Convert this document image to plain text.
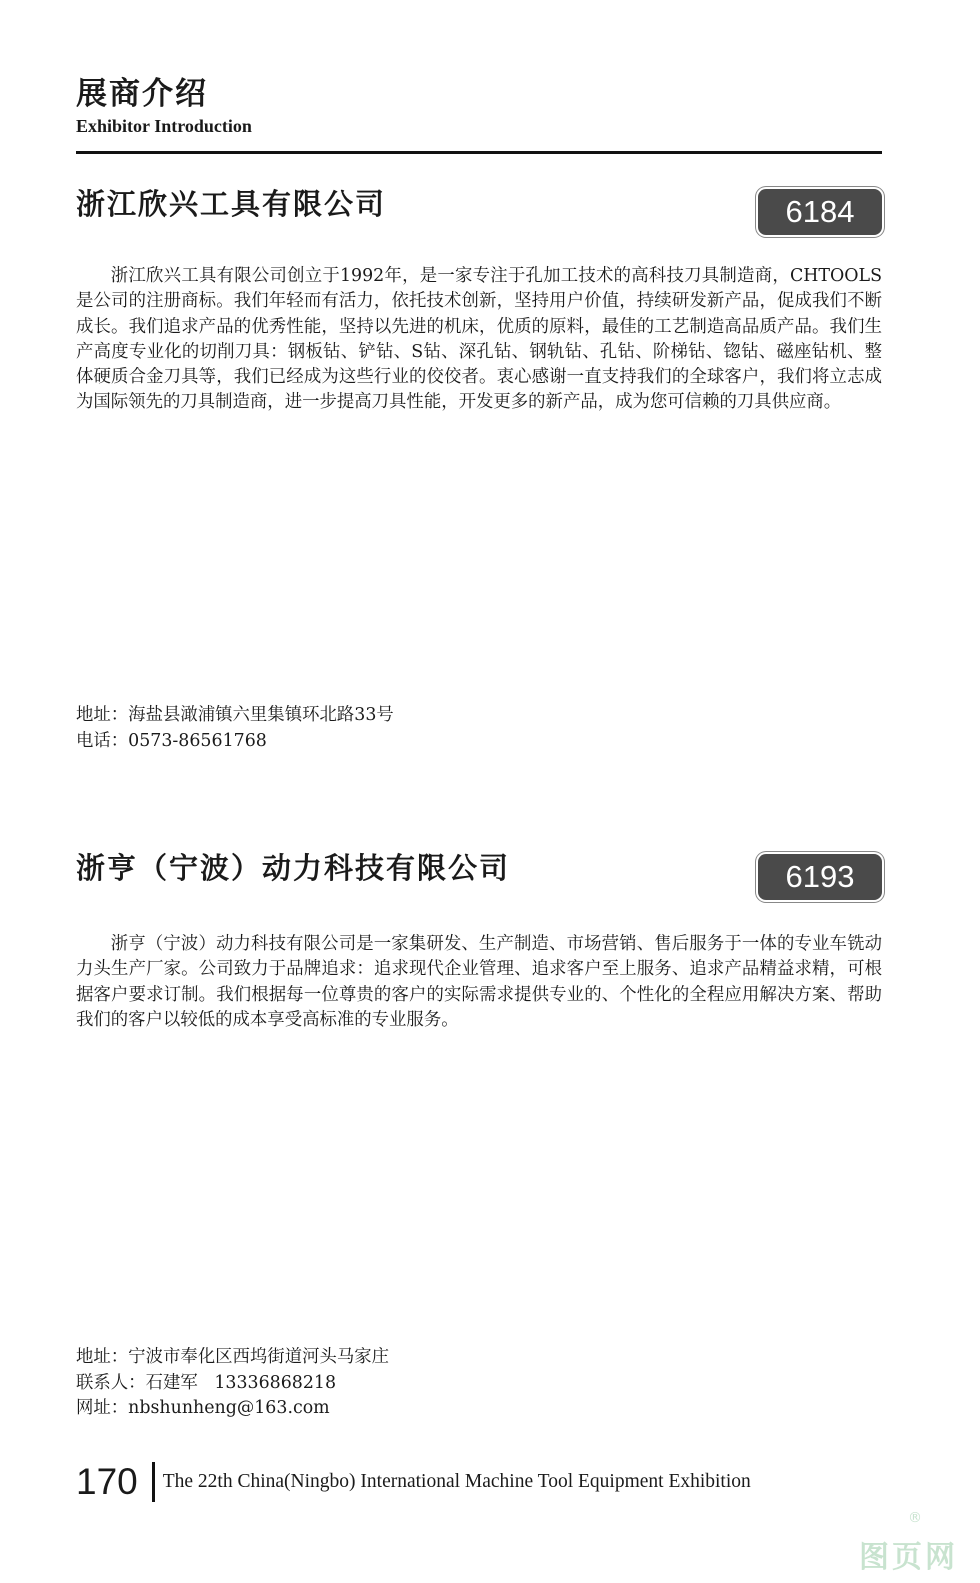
展商介绍
Exhibitor Introduction
浙江欣兴工具有限公司	6184

浙江欣兴工具有限公司创立于1992年，是一家专注于孔加工技术的高科技刀具制造商，CHTOOLS是公司的注册商标。我们年轻而有活力，依托技术创新，坚持用户价值，持续研发新产品，促成我们不断成长。我们追求产品的优秀性能，坚持以先进的机床，优质的原料，最佳的工艺制造高品质产品。我们生产高度专业化的切削刀具：钢板钻、铲钻、S钻、深孔钻、钢轨钻、孔钻、阶梯钻、锪钻、磁座钻机、整体硬质合金刀具等，我们已经成为这些行业的佼佼者。衷心感谢一直支持我们的全球客户，我们将立志成为国际领先的刀具制造商，进一步提高刀具性能，开发更多的新产品，成为您可信赖的刀具供应商。

地址：海盐县澉浦镇六里集镇环北路33号
电话：0573-86561768
浙亨（宁波）动力科技有限公司	6193

浙亨（宁波）动力科技有限公司是一家集研发、生产制造、市场营销、售后服务于一体的专业车铣动力头生产厂家。公司致力于品牌追求：追求现代企业管理、追求客户至上服务、追求产品精益求精，可根据客户要求订制。我们根据每一位尊贵的客户的实际需求提供专业的、个性化的全程应用解决方案、帮助我们的客户以较低的成本享受高标准的专业服务。

地址：宁波市奉化区西坞街道河头马家庄
联系人：石建军   13336868218
网址：nbshunheng@163.com
170 The 22th China(Ningbo) International Machine Tool Equipment Exhibition
®
图页网
